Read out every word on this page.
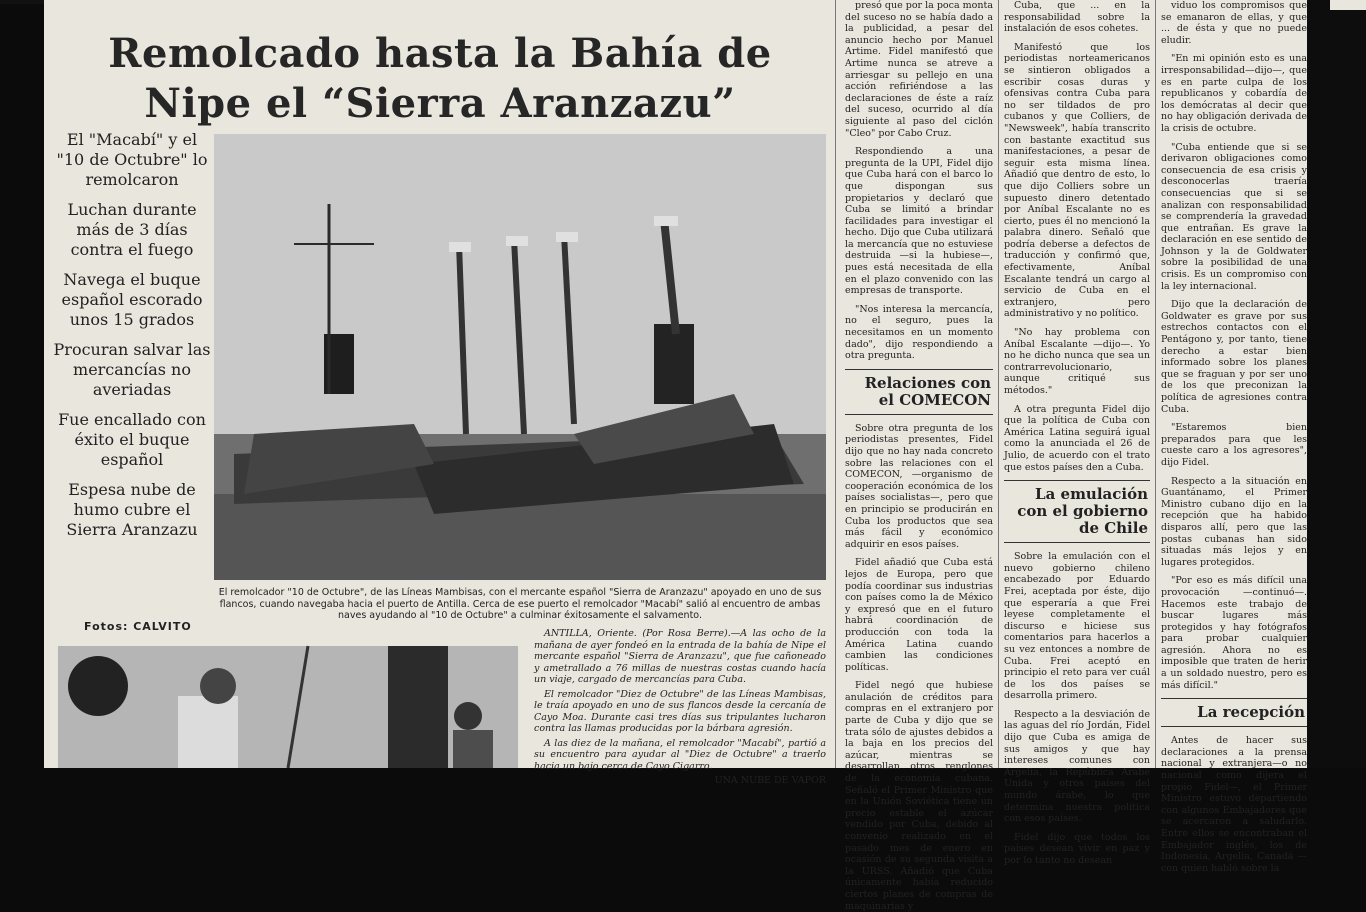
Remolcado hasta la Bahía de Nipe el “Sierra Aranzazu”
El "Macabí" y el "10 de Octubre" lo remolcaron
Luchan durante más de 3 días contra el fuego
Navega el buque español escorado unos 15 grados
Procuran salvar las mercancías no averiadas
Fue encallado con éxito el buque español
Espesa nube de humo cubre el Sierra Aranzazu
Fotos: CALVITO
El remolcador "10 de Octubre", de las Líneas Mambisas, con el mercante español "Sierra de Aranzazu" apoyado en uno de sus flancos, cuando navegaba hacia el puerto de Antilla. Cerca de ese puerto el remolcador "Macabí" salió al encuentro de ambas naves ayudando al "10 de Octubre" a culminar éxitosamente el salvamento.

ANTILLA, Oriente. (Por Rosa Berre).—A las ocho de la mañana de ayer fondeó en la entrada de la bahía de Nipe el mercante español "Sierra de Aranzazu", que fue cañoneado y ametrallado a 76 millas de nuestras costas cuando hacía un viaje, cargado de mercancías para Cuba.

El remolcador "Diez de Octubre" de las Líneas Mambisas, le traía apoyado en uno de sus flancos desde la cercanía de Cayo Moa. Durante casi tres días sus tripulantes lucharon contra las llamas producidas por la bárbara agresión.

A las diez de la mañana, el remolcador "Macabí", partió a su encuentro para ayudar al "Diez de Octubre" a traerlo hacia un bajo cerca de Cayo Cigarro.

UNA NUBE DE VAPOR

presó que por la poca monta del suceso no se había dado a la publicidad, a pesar del anuncio hecho por Manuel Artime. Fidel manifestó que Artime nunca se atreve a arriesgar su pellejo en una acción refiriéndose a las declaraciones de éste a raíz del suceso, ocurrido al día siguiente al paso del ciclón "Cleo" por Cabo Cruz.

Respondiendo a una pregunta de la UPI, Fidel dijo que Cuba hará con el barco lo que dispongan sus propietarios y declaró que Cuba se limitó a brindar facilidades para investigar el hecho. Dijo que Cuba utilizará la mercancía que no estuviese destruida —si la hubiese—, pues está necesitada de ella en el plazo convenido con las empresas de transporte.

"Nos interesa la mercancía, no el seguro, pues la necesitamos en un momento dado", dijo respondiendo a otra pregunta.

Relaciones con el COMECON

Sobre otra pregunta de los periodistas presentes, Fidel dijo que no hay nada concreto sobre las relaciones con el COMECON, —organismo de cooperación económica de los países socialistas—, pero que en principio se producirán en Cuba los productos que sea más fácil y económico adquirir en esos países.

Fidel añadió que Cuba está lejos de Europa, pero que podía coordinar sus industrias con países como la de México y expresó que en el futuro habrá coordinación de producción con toda la América Latina cuando cambien las condiciones políticas.

Fidel negó que hubiese anulación de créditos para compras en el extranjero por parte de Cuba y dijo que se trata sólo de ajustes debidos a la baja en los precios del azúcar, mientras se desarrollan otros renglones de la economía cubana. Señaló el Primer Ministro que en la Unión Soviética tiene un precio estable el azúcar vendido por Cuba, debido al convenio realizado en el pasado mes de enero en ocasión de su segunda visita a la URSS. Añadió que Cuba únicamente había reducido ciertos planes de compras de maquinarias y

Cuba, que ... en la responsabilidad sobre la instalación de esos cohetes.

Manifestó que los periodistas norteamericanos se sintieron obligados a escribir cosas duras y ofensivas contra Cuba para no ser tildados de pro cubanos y que Colliers, de "Newsweek", había transcrito con bastante exactitud sus manifestaciones, a pesar de seguir esta misma línea. Añadió que dentro de esto, lo que dijo Colliers sobre un supuesto dinero detentado por Aníbal Escalante no es cierto, pues él no mencionó la palabra dinero. Señaló que podría deberse a defectos de traducción y confirmó que, efectivamente, Aníbal Escalante tendrá un cargo al servicio de Cuba en el extranjero, pero administrativo y no político.

"No hay problema con Aníbal Escalante —dijo—. Yo no he dicho nunca que sea un contrarrevolucionario, aunque critiqué sus métodos."

A otra pregunta Fidel dijo que la política de Cuba con América Latina seguirá igual como la anunciada el 26 de Julio, de acuerdo con el trato que estos países den a Cuba.

La emulación con el gobierno de Chile

Sobre la emulación con el nuevo gobierno chileno encabezado por Eduardo Frei, aceptada por éste, dijo que esperaría a que Frei leyese completamente el discurso e hiciese sus comentarios para hacerlos a su vez entonces a nombre de Cuba. Frei aceptó en principio el reto para ver cuál de los dos países se desarrolla primero.

Respecto a la desviación de las aguas del río Jordán, Fidel dijo que Cuba es amiga de sus amigos y que hay intereses comunes con Argelia, la República Arabe Unida y otros países del mundo árabe, lo que determina nuestra política con esos países.

Fidel dijo que todos los países desean vivir en paz y por lo tanto no desean

viduo los compromisos que se emanaron de ellas, y que ... de ésta y que no puede eludir.

"En mi opinión esto es una irresponsabilidad—dijo—, que es en parte culpa de los republicanos y cobardía de los demócratas al decir que no hay obligación derivada de la crisis de octubre.

"Cuba entiende que si se derivaron obligaciones como consecuencia de esa crisis y desconocerlas traería consecuencias que si se analizan con responsabilidad se comprendería la gravedad que entrañan. Es grave la declaración en ese sentido de Johnson y la de Goldwater sobre la posibilidad de una crisis. Es un compromiso con la ley internacional.

Dijo que la declaración de Goldwater es grave por sus estrechos contactos con el Pentágono y, por tanto, tiene derecho a estar bien informado sobre los planes que se fraguan y por ser uno de los que preconizan la política de agresiones contra Cuba.

"Estaremos bien preparados para que les cueste caro a los agresores", dijo Fidel.

Respecto a la situación en Guantánamo, el Primer Ministro cubano dijo en la recepción que ha habido disparos allí, pero que las postas cubanas han sido situadas más lejos y en lugares protegidos.

"Por eso es más difícil una provocación —continuó—. Hacemos este trabajo de buscar lugares más protegidos y hay fotógrafos para probar cualquier agresión. Ahora no es imposible que traten de herir a un soldado nuestro, pero es más difícil."

La recepción

Antes de hacer sus declaraciones a la prensa nacional y extranjera—o no nacional como dijera el propio Fidel—, el Primer Ministro estuvo departiendo con algunos Embajadores que se acercaron a saludarlo. Entre ellos se encontraban el Embajador inglés, los de Indonesia, Argelia, Canadá —con quien habló sobre la
